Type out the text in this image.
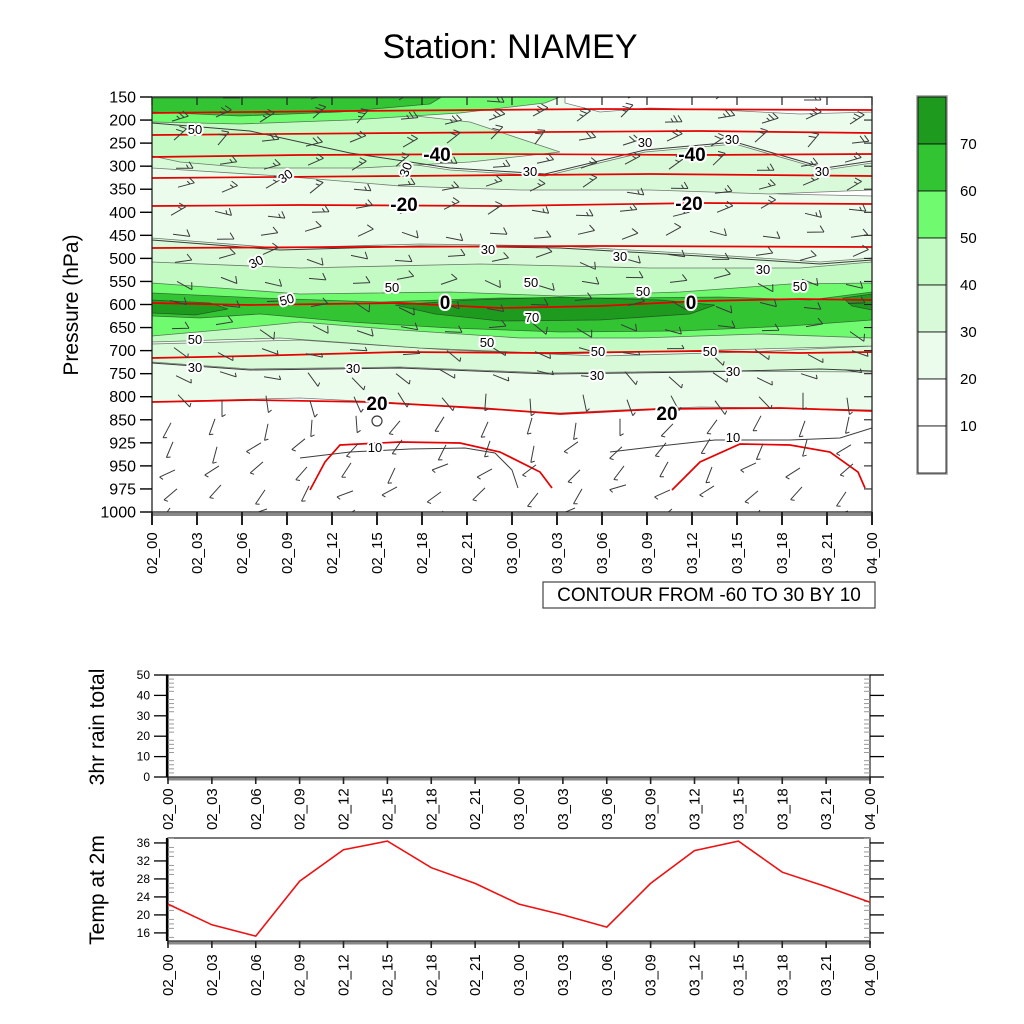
Station: NIAMEY
Pressure (hPa)
3hr rain total
Temp at 2m
50
30	30
30	30
30	30
30
30	30
30
50
50	50
50	50
70
50	50
50	50
30	30	30	30
10
10
-40	-40
-20	-20
0	0
20	20
150
200
250
300
350
400
450
500
550
600
650
700
750
800
850
925
950
975
1000
02_00 02_03 02_06 02_09 02_12 02_15 02_18 02_21 03_00 03_03 03_06 03_09 03_12 03_15 03_18 03_21 04_00
70
60
50
40
30
20
10
CONTOUR FROM -60 TO 30 BY 10
0
10
20
30
40
50
02_00 02_03 02_06 02_09 02_12 02_15 02_18 02_21 03_00 03_03 03_06 03_09 03_12 03_15 03_18 03_21 04_00
16
20
24
28
32
36
02_00 02_03 02_06 02_09 02_12 02_15 02_18 02_21 03_00 03_03 03_06 03_09 03_12 03_15 03_18 03_21 04_00
